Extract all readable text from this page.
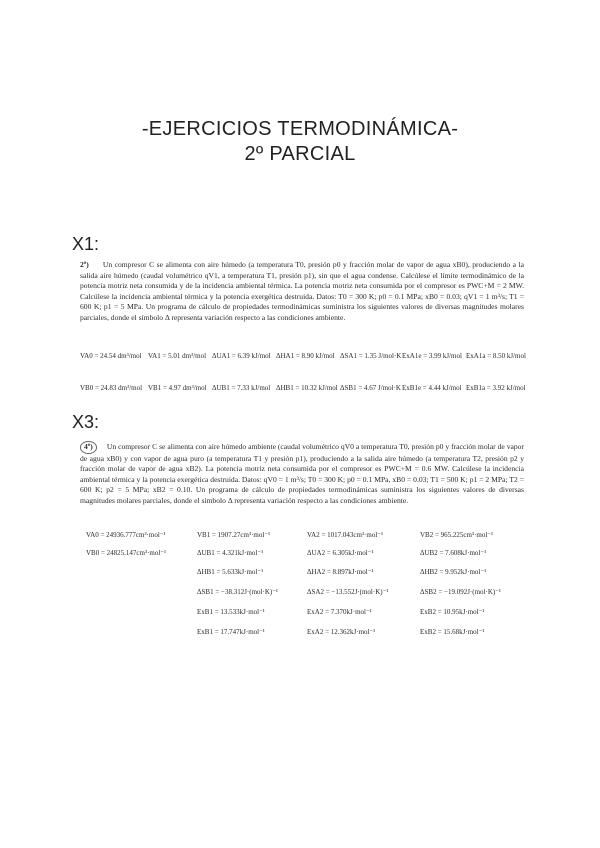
-EJERCICIOS TERMODINÁMICA-
2º PARCIAL
X1:
2º) Un compresor C se alimenta con aire húmedo (a temperatura T0, presión p0 y fracción molar de vapor de agua xB0), produciendo a la salida aire húmedo (caudal volumétrico qV1, a temperatura T1, presión p1), sin que el agua condense. Calcúlese el límite termodinámico de la potencia motriz neta consumida y de la incidencia ambiental térmica. La potencia motriz neta consumida por el compresor es PWC+M = 2 MW. Calcúlese la incidencia ambiental térmica y la potencia exergética destruida. Datos: T0 = 300 K; p0 = 0.1 MPa; xB0 = 0.03; qV1 = 1 m³/s; T1 = 600 K; p1 = 5 MPa. Un programa de cálculo de propiedades termodinámicas suministra los siguientes valores de diversas magnitudes molares parciales, donde el símbolo Δ representa variación respecto a las condiciones ambiente.
VA0 = 24.54 dm³/mol VA1 = 5.01 dm³/mol ΔUA1 = 6.39 kJ/mol ΔHA1 = 8.90 kJ/mol ΔSA1 = 1.35 J/mol·K ExA1e = 3.99 kJ/mol ExA1a = 8.50 kJ/mol
VB0 = 24.83 dm³/mol VB1 = 4.97 dm³/mol ΔUB1 = 7.33 kJ/mol ΔHB1 = 10.32 kJ/mol ΔSB1 = 4.67 J/mol·K ExB1e = 4.44 kJ/mol ExB1a = 3.92 kJ/mol
X3:
4º) Un compresor C se alimenta con aire húmedo ambiente (caudal volumétrico qV0 a temperatura T0, presión p0 y fracción molar de vapor de agua xB0) y con vapor de agua puro (a temperatura T1 y presión p1), produciendo a la salida aire húmedo (a temperatura T2, presión p2 y fracción molar de vapor de agua xB2). La potencia motriz neta consumida por el compresor es PWC+M = 0.6 MW. Calcúlese la incidencia ambiental térmica y la potencia exergética destruida. Datos: qV0 = 1 m³/s; T0 = 300 K; p0 = 0.1 MPa, xB0 = 0.03; T1 = 500 K; p1 = 2 MPa; T2 = 600 K; p2 = 5 MPa; xB2 = 0.10. Un programa de cálculo de propiedades termodinámicas suministra los siguientes valores de diversas magnitudes molares parciales, donde el símbolo Δ representa variación respecto a las condiciones ambiente.
VA0 = 24936.777cm³·mol⁻¹
VB0 = 24825.147cm³·mol⁻¹
VB1 = 1907.27cm³·mol⁻¹
ΔUB1 = 4.321kJ·mol⁻¹
ΔHB1 = 5.633kJ·mol⁻¹
ΔSB1 = −38.312J·(mol·K)⁻¹
ExB1 = 13.533kJ·mol⁻¹
ExB1 = 17.747kJ·mol⁻¹
VA2 = 1017.043cm³·mol⁻¹
ΔUA2 = 6.305kJ·mol⁻¹
ΔHA2 = 8.897kJ·mol⁻¹
ΔSA2 = −13.552J·(mol·K)⁻¹
ExA2 = 7.370kJ·mol⁻¹
ExA2 = 12.362kJ·mol⁻¹
VB2 = 965.225cm³·mol⁻¹
ΔUB2 = 7.608kJ·mol⁻¹
ΔHB2 = 9.952kJ·mol⁻¹
ΔSB2 = −19.092J·(mol·K)⁻¹
ExB2 = 10.95kJ·mol⁻¹
ExB2 = 15.68kJ·mol⁻¹
